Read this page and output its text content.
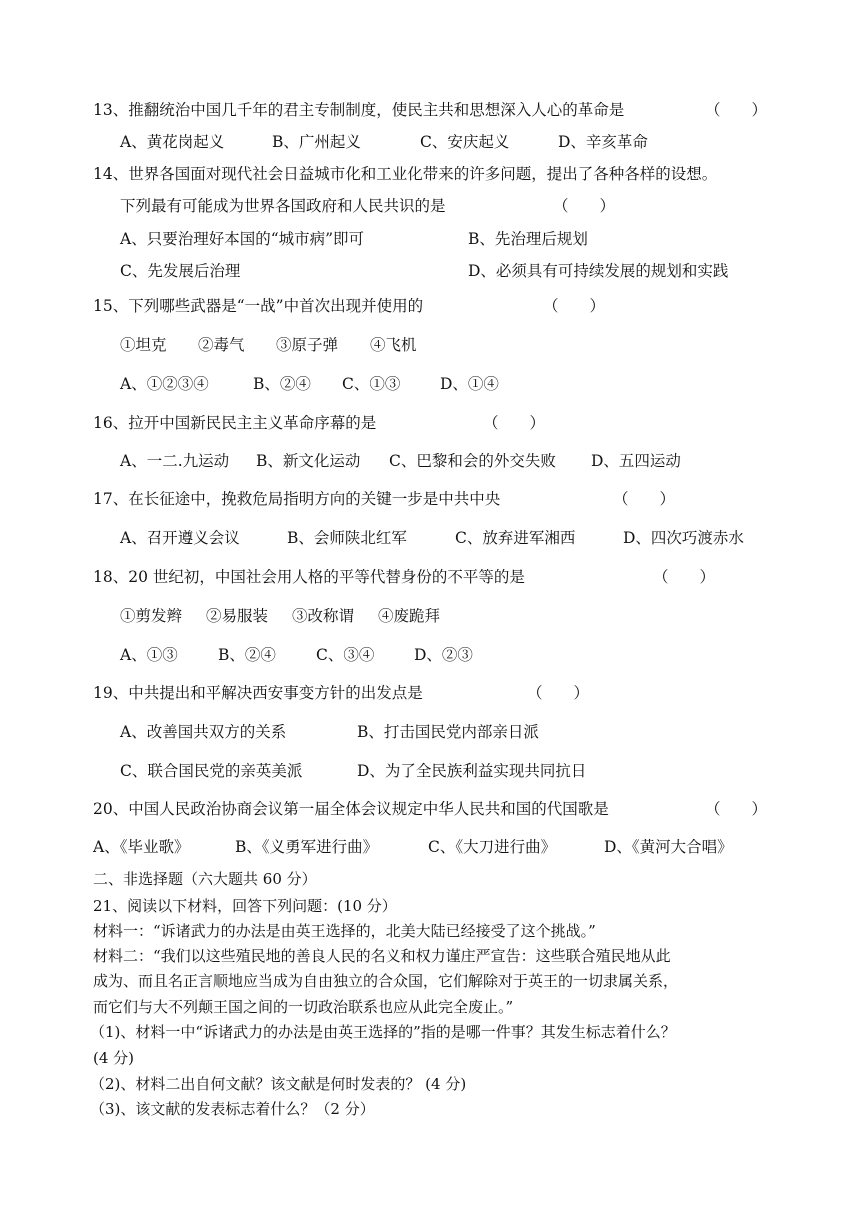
13、推翻统治中国几千年的君主专制制度，使民主共和思想深入人心的革命是	（　　）
A、黄花岗起义	B、广州起义	C、安庆起义	D、辛亥革命
14、世界各国面对现代社会日益城市化和工业化带来的许多问题，提出了各种各样的设想。
下列最有可能成为世界各国政府和人民共识的是	（　　）
A、只要治理好本国的“城市病”即可	B、先治理后规划
C、先发展后治理	D、必须具有可持续发展的规划和实践
15、下列哪些武器是“一战”中首次出现并使用的	（　　）
①坦克 ②毒气 ③原子弹 ④飞机
A、①②③④	B、②④ C、①③	D、①④
16、拉开中国新民民主主义革命序幕的是	（　　）
A、一二.九运动 B、新文化运动 C、巴黎和会的外交失败 D、五四运动
17、在长征途中，挽救危局指明方向的关键一步是中共中央	（　　）
A、召开遵义会议	B、会师陕北红军	C、放弃进军湘西	D、四次巧渡赤水
18、20 世纪初，中国社会用人格的平等代替身份的不平等的是	（　　）
①剪发辫 ②易服装 ③改称谓 ④废跪拜
A、①③	B、②④	C、③④	D、②③
19、中共提出和平解决西安事变方针的出发点是	（　　）
A、改善国共双方的关系	B、打击国民党内部亲日派
C、联合国民党的亲英美派	D、为了全民族利益实现共同抗日
20、中国人民政治协商会议第一届全体会议规定中华人民共和国的代国歌是	（　　）
A、《毕业歌》	B、《义勇军进行曲》	C、《大刀进行曲》	D、《黄河大合唱》
二、非选择题（六大题共 60 分）
21、阅读以下材料，回答下列问题：(10 分）
材料一：“诉诸武力的办法是由英王选择的，北美大陆已经接受了这个挑战。”
材料二：“我们以这些殖民地的善良人民的名义和权力谨庄严宣告：这些联合殖民地从此
成为、而且名正言顺地应当成为自由独立的合众国，它们解除对于英王的一切隶属关系，
而它们与大不列颠王国之间的一切政治联系也应从此完全废止。”
（1)、材料一中“诉诸武力的办法是由英王选择的”指的是哪一件事？其发生标志着什么？
(4 分)
（2)、材料二出自何文献？该文献是何时发表的？ (4 分)
（3)、该文献的发表标志着什么？（2 分）
